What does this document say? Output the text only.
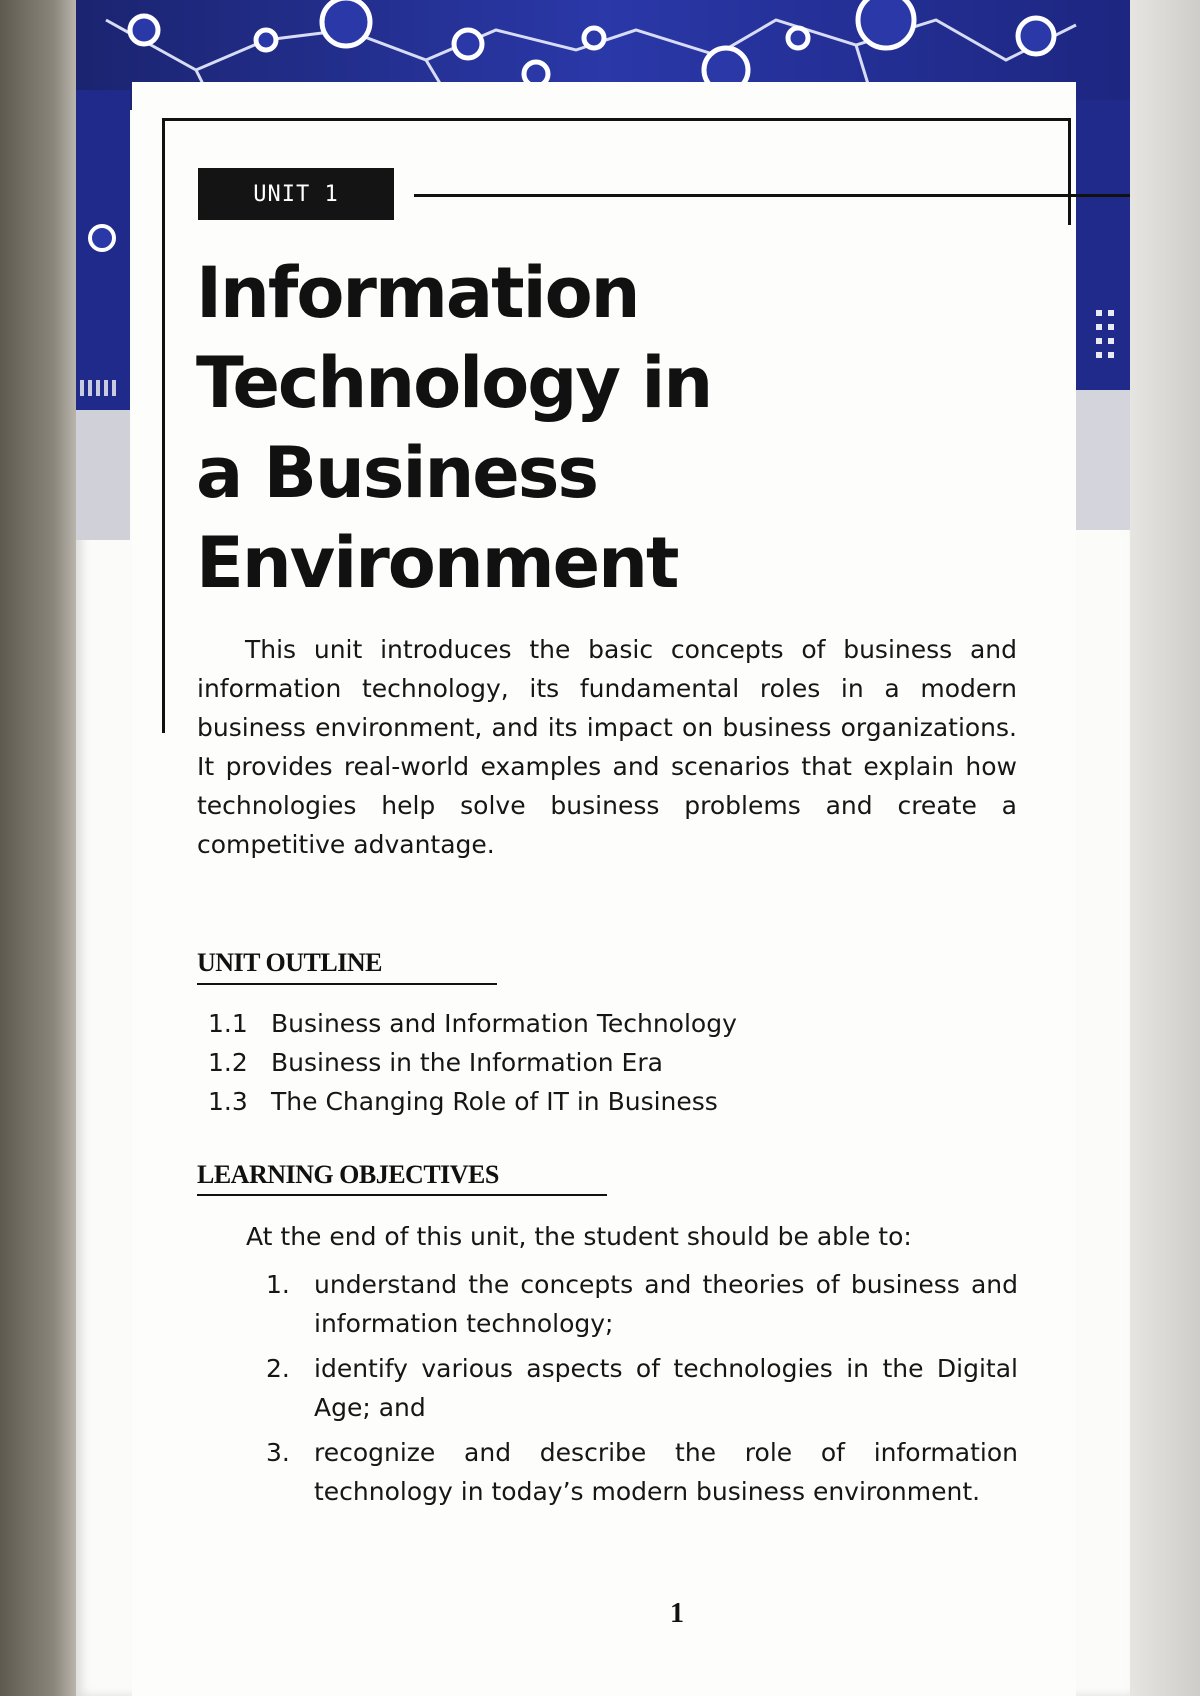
UNIT 1
Information Technology in a Business Environment

This unit introduces the basic concepts of business and information technology, its fundamental roles in a modern business environment, and its impact on business organizations. It provides real-world examples and scenarios that explain how technologies help solve business problems and create a competitive advantage.

UNIT OUTLINE
1.1 Business and Information Technology
1.2 Business in the Information Era
1.3 The Changing Role of IT in Business
LEARNING OBJECTIVES

At the end of this unit, the student should be able to:

1. understand the concepts and theories of business and information technology;
2. identify various aspects of technologies in the Digital Age; and
3. recognize and describe the role of information technology in today’s modern business environment.
1
